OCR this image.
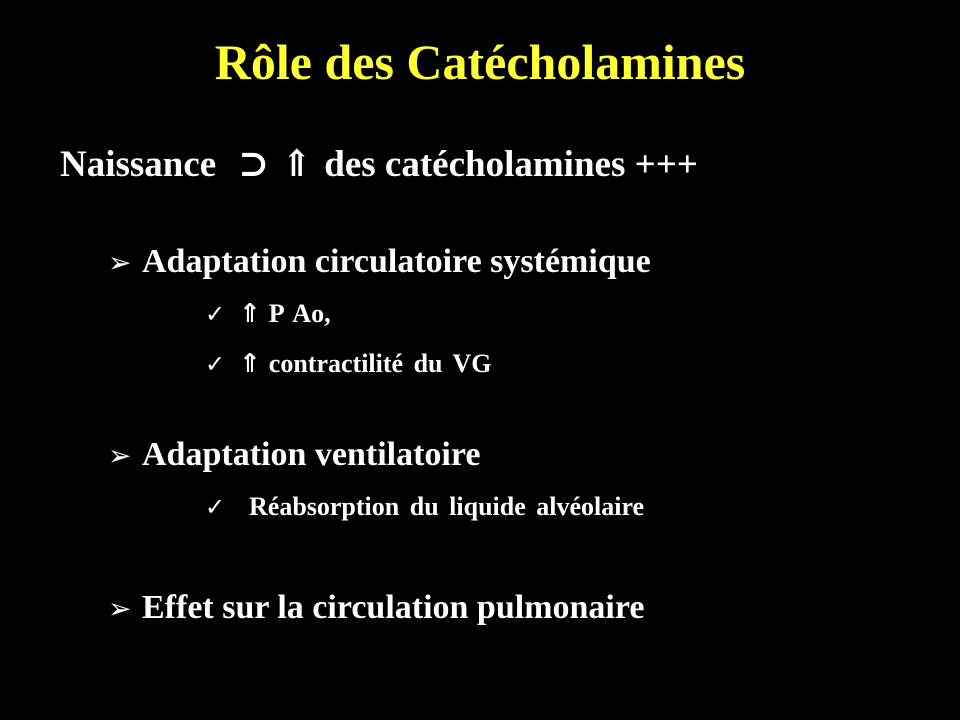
Rôle des Catécholamines
Naissance ⊃ ⇑ des catécholamines +++
➢ Adaptation circulatoire systémique
✓ ⇑ P Ao,
✓ ⇑ contractilité du VG
➢ Adaptation ventilatoire
✓ Réabsorption du liquide alvéolaire
➢ Effet sur la circulation pulmonaire
